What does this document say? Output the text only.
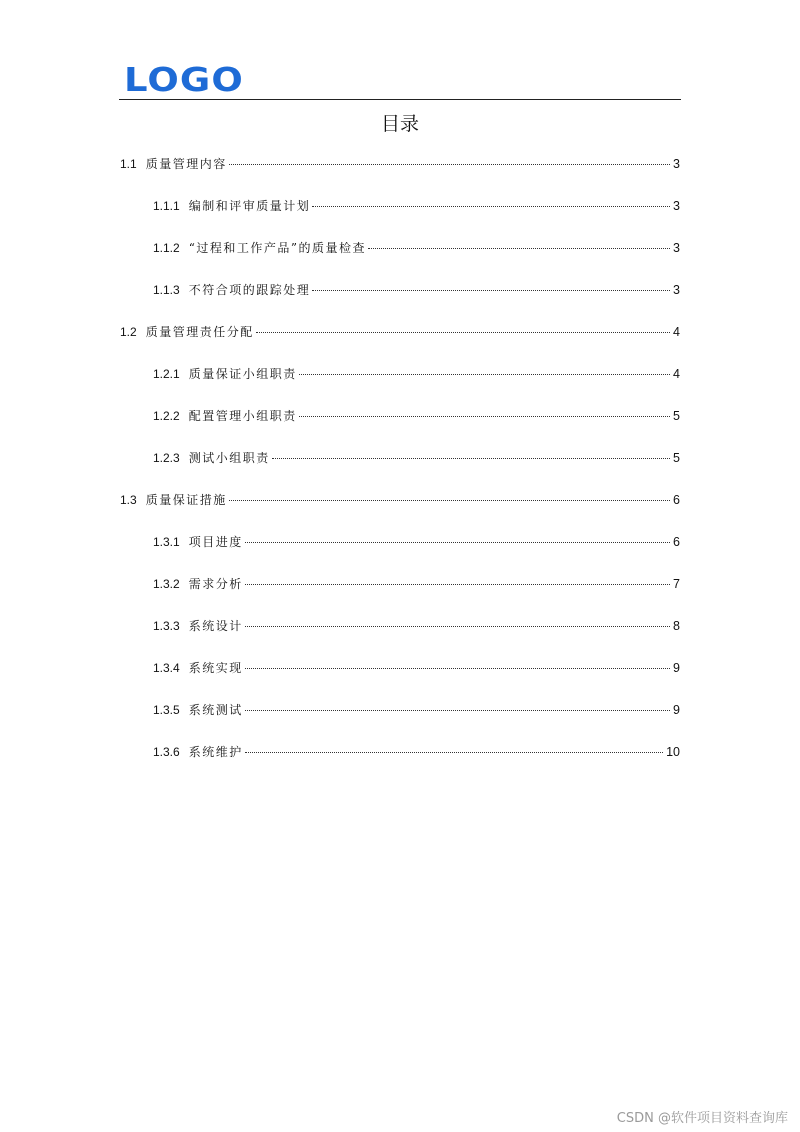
LOGO
目录
1.1 质量管理内容	3
1.1.1 编制和评审质量计划	3
1.1.2 “过程和工作产品”的质量检查	3
1.1.3 不符合项的跟踪处理	3
1.2 质量管理责任分配	4
1.2.1 质量保证小组职责	4
1.2.2 配置管理小组职责	5
1.2.3 测试小组职责	5
1.3 质量保证措施	6
1.3.1 项目进度	6
1.3.2 需求分析	7
1.3.3 系统设计	8
1.3.4 系统实现	9
1.3.5 系统测试	9
1.3.6 系统维护	10
CSDN @软件项目资料查询库
